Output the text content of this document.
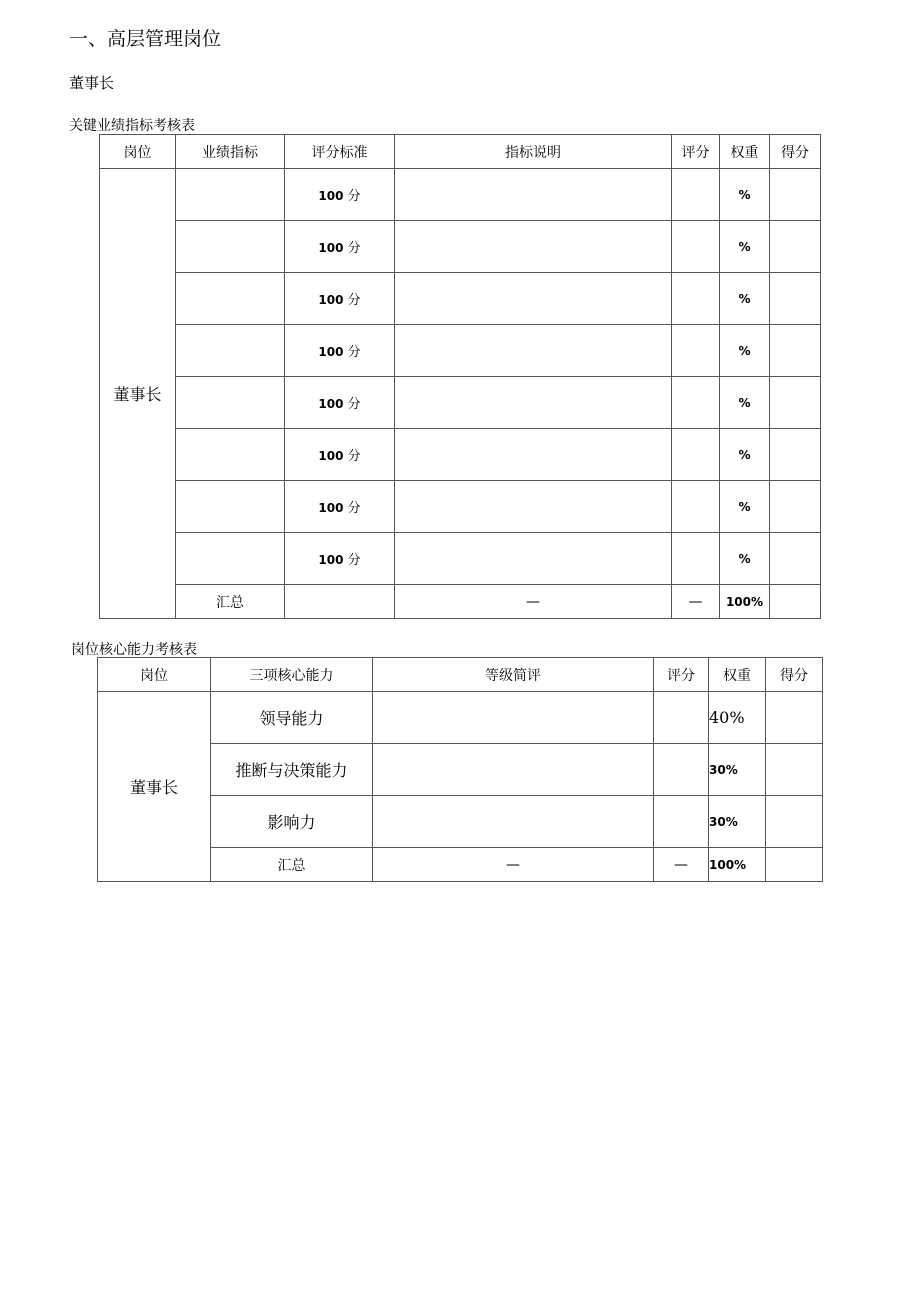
一、高层管理岗位
董事长
关键业绩指标考核表
岗位	业绩指标	评分标准	指标说明	评分	权重	得分
董事长		100 分			%	
		100 分			%	
		100 分			%	
		100 分			%	
		100 分			%	
		100 分			%	
		100 分			%	
		100 分			%	
	汇总		—	—	100%	
岗位核心能力考核表
岗位	三项核心能力	等级简评	评分	权重	得分
董事长	领导能力			40%	
	推断与决策能力			30%	
	影响力			30%	
	汇总	—	—	100%	
